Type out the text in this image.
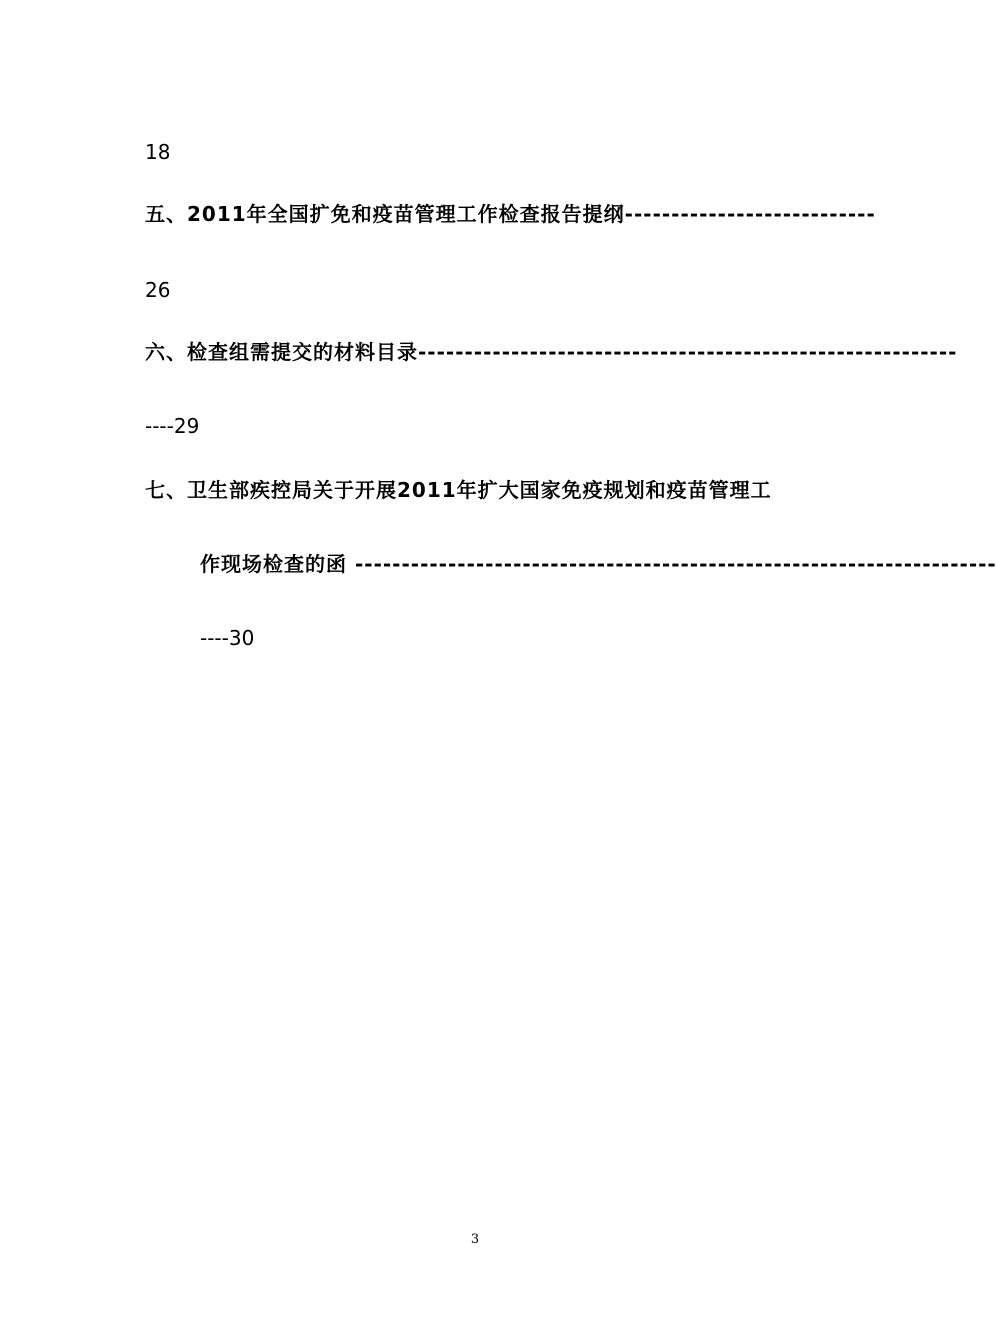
18

五、2011年全国扩免和疫苗管理工作检查报告提纲---------------------------

26

六、检查组需提交的材料目录----------------------------------------------------------

----29

七、卫生部疾控局关于开展2011年扩大国家免疫规划和疫苗管理工

作现场检查的函 ---------------------------------------------------------------------

----30

3
